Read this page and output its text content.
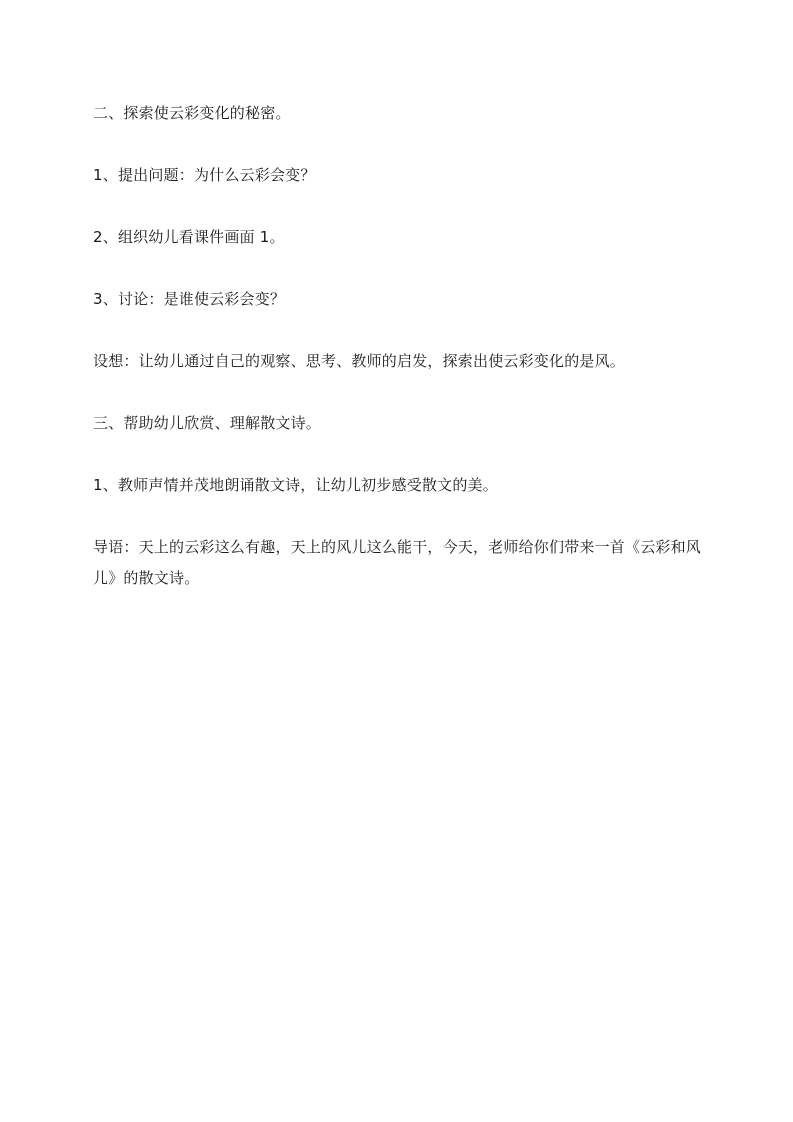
二、探索使云彩变化的秘密。

1、提出问题：为什么云彩会变？

2、组织幼儿看课件画面 1。

3、讨论：是谁使云彩会变？

设想：让幼儿通过自己的观察、思考、教师的启发，探索出使云彩变化的是风。

三、帮助幼儿欣赏、理解散文诗。

1、教师声情并茂地朗诵散文诗，让幼儿初步感受散文的美。

导语：天上的云彩这么有趣，天上的风儿这么能干，今天，老师给你们带来一首《云彩和风儿》的散文诗。
